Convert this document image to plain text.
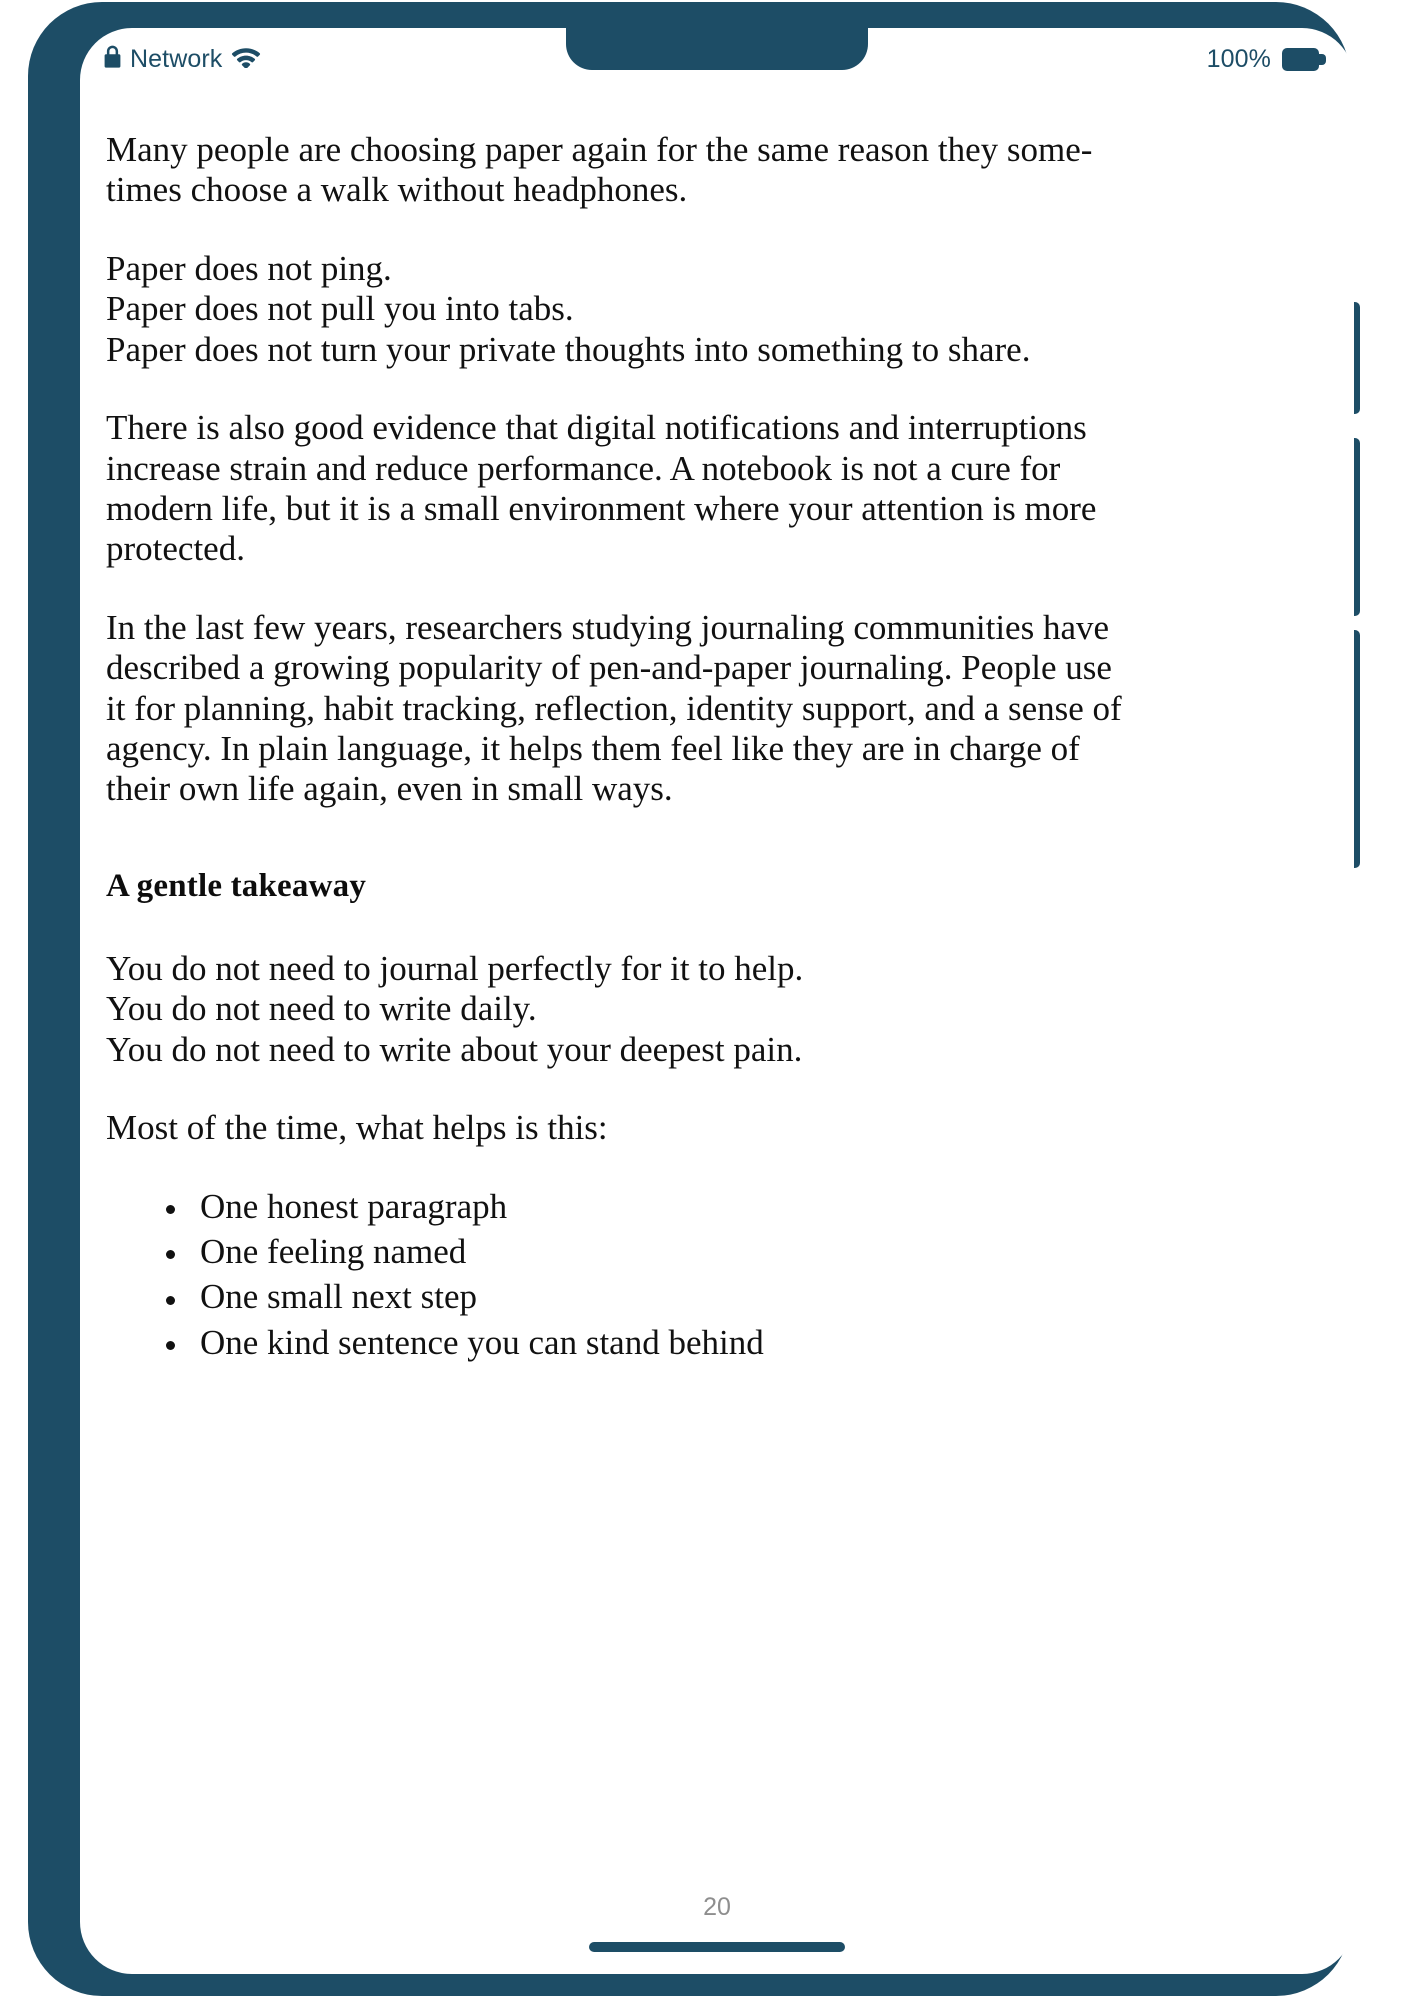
Network	100%

Many people are choosing paper again for the same reason they some-
times choose a walk without headphones.

Paper does not ping.
Paper does not pull you into tabs.
Paper does not turn your private thoughts into something to share.

There is also good evidence that digital notifications and interruptions
increase strain and reduce performance. A notebook is not a cure for
modern life, but it is a small environment where your attention is more
protected.

In the last few years, researchers studying journaling communities have
described a growing popularity of pen-and-paper journaling. People use
it for planning, habit tracking, reflection, identity support, and a sense of
agency. In plain language, it helps them feel like they are in charge of
their own life again, even in small ways.

A gentle takeaway

You do not need to journal perfectly for it to help.
You do not need to write daily.
You do not need to write about your deepest pain.

Most of the time, what helps is this:

One honest paragraph
One feeling named
One small next step
One kind sentence you can stand behind
20
